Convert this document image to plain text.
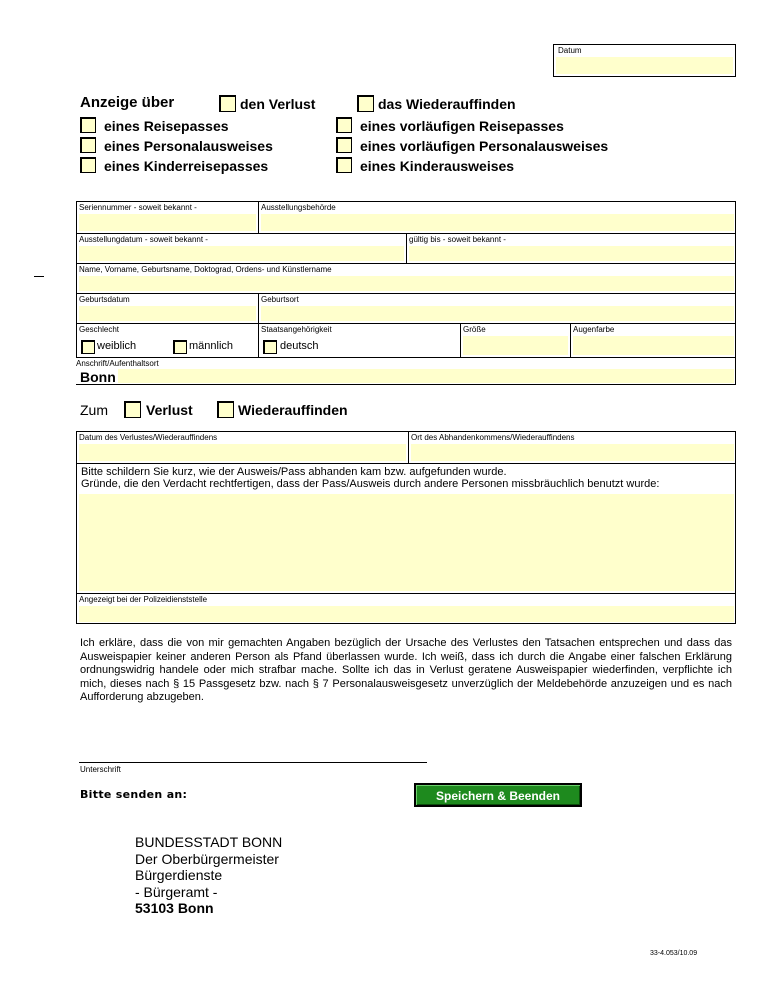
Datum
Anzeige über	den Verlust	das Wiederauffinden
eines Reisepasses
eines Personalausweises
eines Kinderreisepasses
eines vorläufigen Reisepasses
eines vorläufigen Personalausweises
eines Kinderausweises
Seriennummer - soweit bekannt -	Ausstellungsbehörde
Ausstellungdatum - soweit bekannt -	gültig bis - soweit bekannt -
Name, Vorname, Geburtsname, Doktograd, Ordens- und Künstlername
Geburtsdatum	Geburtsort
Geschlecht
weiblich	männlich
Staatsangehörigkeit
deutsch
Größe	Augenfarbe
Anschrift/Aufenthaltsort
Bonn
Zum	Verlust	Wiederauffinden
Datum des Verlustes/Wiederauffindens	Ort des Abhandenkommens/Wiederauffindens
Bitte schildern Sie kurz, wie der Ausweis/Pass abhanden kam bzw. aufgefunden wurde.
Gründe, die den Verdacht rechtfertigen, dass der Pass/Ausweis durch andere Personen missbräuchlich benutzt wurde:
Angezeigt bei der Polizeidienststelle
Ich erkläre, dass die von mir gemachten Angaben bezüglich der Ursache des Verlustes den Tatsachen entsprechen und dass das Ausweispapier keiner anderen Person als Pfand überlassen wurde. Ich weiß, dass ich durch die Angabe einer falschen Erklärung ordnungswidrig handele oder mich strafbar mache. Sollte ich das in Verlust geratene Ausweispapier wiederfinden, verpflichte ich mich, dieses nach § 15 Passgesetz bzw. nach § 7 Personalausweisgesetz unverzüglich der Meldebehörde anzuzeigen und es nach Aufforderung abzugeben.
Unterschrift
Bitte senden an:	Speichern & Beenden
BUNDESSTADT BONN
Der Oberbürgermeister
Bürgerdienste
- Bürgeramt -
53103 Bonn
33-4.053/10.09
